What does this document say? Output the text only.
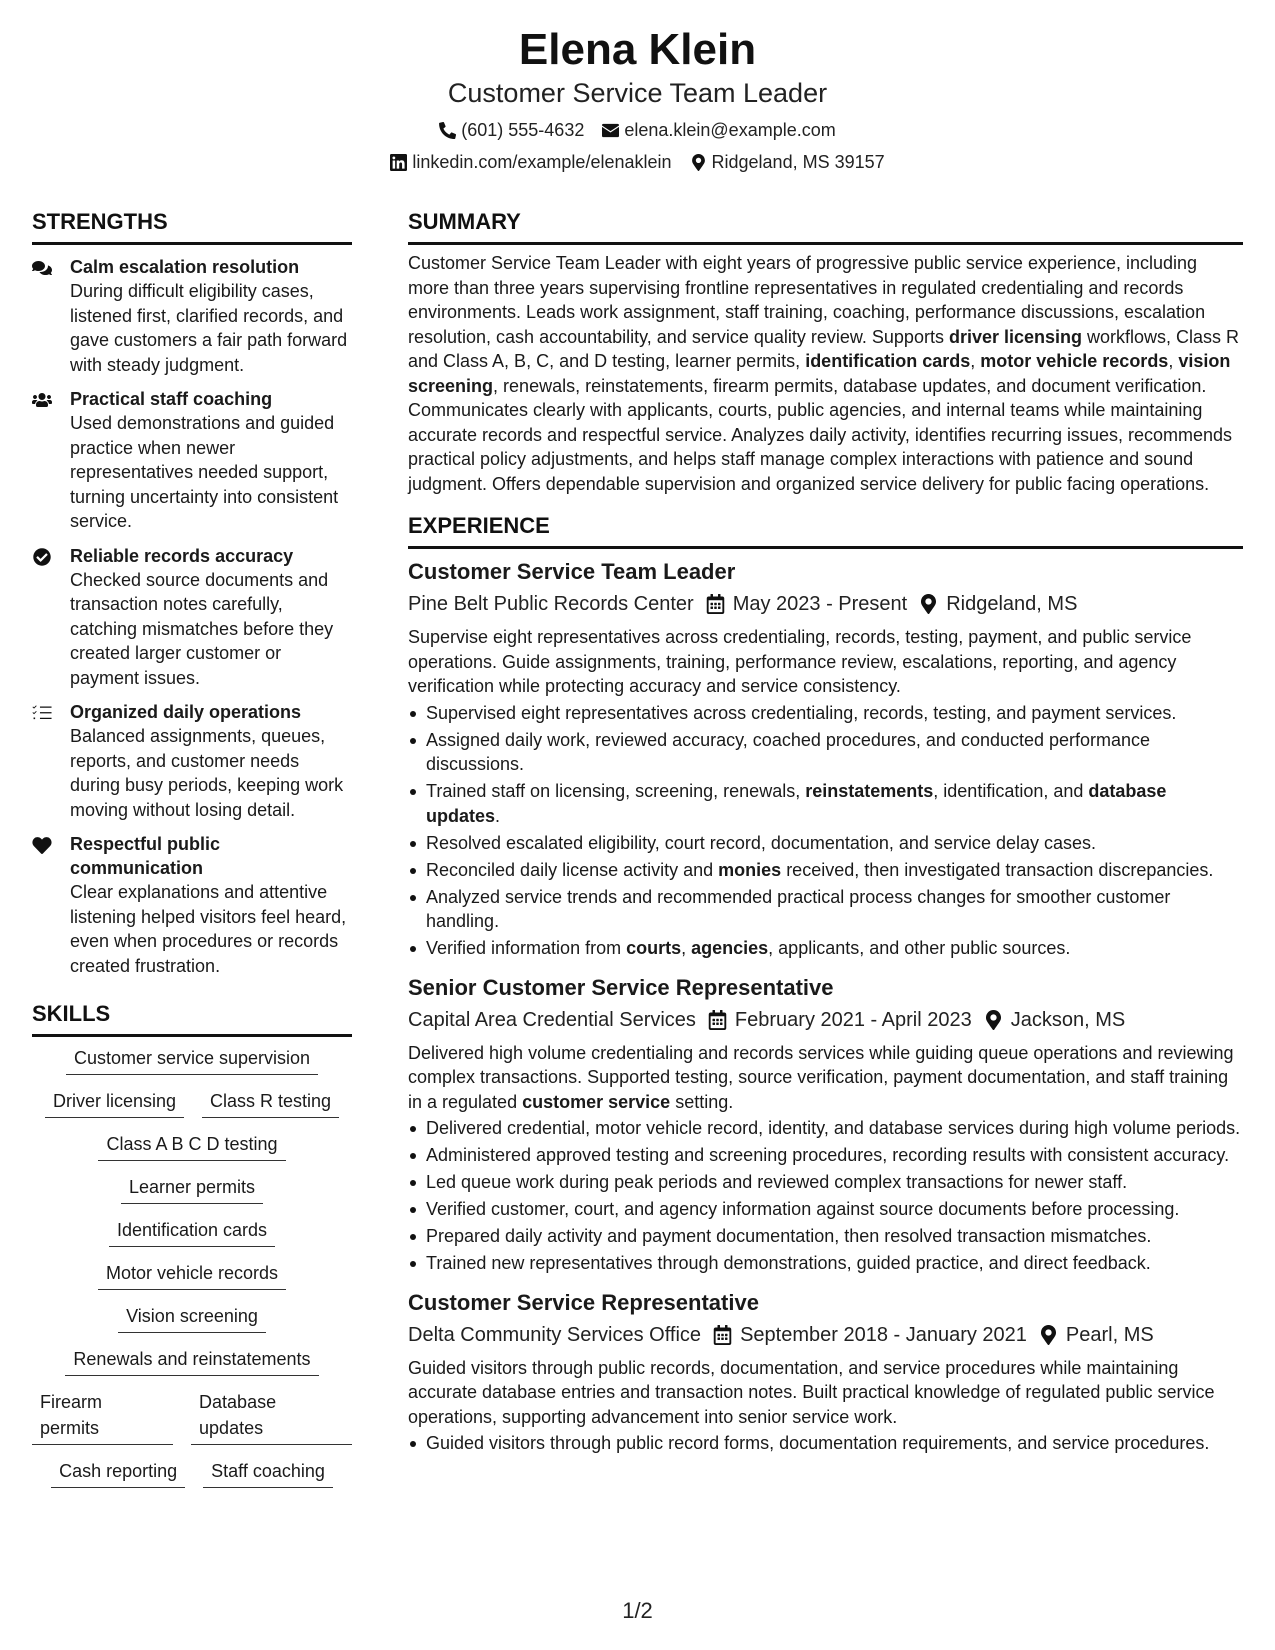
Elena Klein
Customer Service Team Leader
(601) 555-4632 elena.klein@example.com
linkedin.com/example/elenaklein Ridgeland, MS 39157
STRENGTHS
Calm escalation resolution
During difficult eligibility cases, listened first, clarified records, and gave customers a fair path forward with steady judgment.
Practical staff coaching
Used demonstrations and guided practice when newer representatives needed support, turning uncertainty into consistent service.
Reliable records accuracy
Checked source documents and transaction notes carefully, catching mismatches before they created larger customer or payment issues.
Organized daily operations
Balanced assignments, queues, reports, and customer needs during busy periods, keeping work moving without losing detail.
Respectful public communication
Clear explanations and attentive listening helped visitors feel heard, even when procedures or records created frustration.
SKILLS
Customer service supervision
Driver licensing	Class R testing
Class A B C D testing
Learner permits
Identification cards
Motor vehicle records
Vision screening
Renewals and reinstatements
Firearm permits
Database updates
Cash reporting	Staff coaching
SUMMARY
Customer Service Team Leader with eight years of progressive public service experience, including more than three years supervising frontline representatives in regulated credentialing and records environments. Leads work assignment, staff training, coaching, performance discussions, escalation resolution, cash accountability, and service quality review. Supports driver licensing workflows, Class R and Class A, B, C, and D testing, learner permits, identification cards, motor vehicle records, vision screening, renewals, reinstatements, firearm permits, database updates, and document verification. Communicates clearly with applicants, courts, public agencies, and internal teams while maintaining accurate records and respectful service. Analyzes daily activity, identifies recurring issues, recommends practical policy adjustments, and helps staff manage complex interactions with patience and sound judgment. Offers dependable supervision and organized service delivery for public facing operations.
EXPERIENCE
Customer Service Team Leader
Pine Belt Public Records Center May 2023 - Present Ridgeland, MS
Supervise eight representatives across credentialing, records, testing, payment, and public service operations. Guide assignments, training, performance review, escalations, reporting, and agency verification while protecting accuracy and service consistency.
Supervised eight representatives across credentialing, records, testing, and payment services.
Assigned daily work, reviewed accuracy, coached procedures, and conducted performance discussions.
Trained staff on licensing, screening, renewals, reinstatements, identification, and database updates.
Resolved escalated eligibility, court record, documentation, and service delay cases.
Reconciled daily license activity and monies received, then investigated transaction discrepancies.
Analyzed service trends and recommended practical process changes for smoother customer handling.
Verified information from courts, agencies, applicants, and other public sources.
Senior Customer Service Representative
Capital Area Credential Services February 2021 - April 2023 Jackson, MS
Delivered high volume credentialing and records services while guiding queue operations and reviewing complex transactions. Supported testing, source verification, payment documentation, and staff training in a regulated customer service setting.
Delivered credential, motor vehicle record, identity, and database services during high volume periods.
Administered approved testing and screening procedures, recording results with consistent accuracy.
Led queue work during peak periods and reviewed complex transactions for newer staff.
Verified customer, court, and agency information against source documents before processing.
Prepared daily activity and payment documentation, then resolved transaction mismatches.
Trained new representatives through demonstrations, guided practice, and direct feedback.
Customer Service Representative
Delta Community Services Office September 2018 - January 2021 Pearl, MS
Guided visitors through public records, documentation, and service procedures while maintaining accurate database entries and transaction notes. Built practical knowledge of regulated public service operations, supporting advancement into senior service work.
Guided visitors through public record forms, documentation requirements, and service procedures.
1/2
